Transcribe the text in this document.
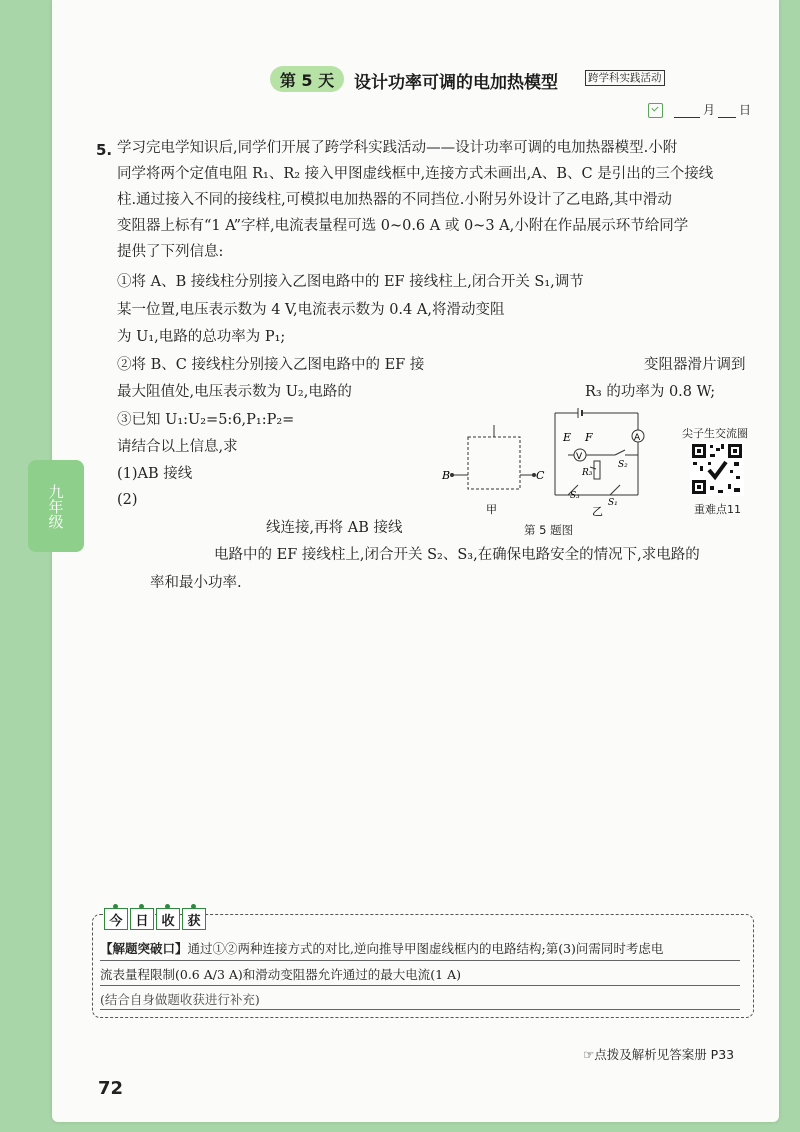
九年级
第 5 天	设计功率可调的电加热模型	跨学科实践活动
月 日
5. 学习完电学知识后,同学们开展了跨学科实践活动——设计功率可调的电加热器模型.小附
同学将两个定值电阻 R₁、R₂ 接入甲图虚线框中,连接方式未画出,A、B、C 是引出的三个接线
柱.通过接入不同的接线柱,可模拟电加热器的不同挡位.小附另外设计了乙电路,其中滑动
变阻器上标有“1 A”字样,电流表量程可选 0~0.6 A 或 0~3 A,小附在作品展示环节给同学
提供了下列信息:
①将 A、B 接线柱分别接入乙图电路中的 EF 接线柱上,闭合开关 S₁,调节
某一位置,电压表示数为 4 V,电流表示数为 0.4 A,将滑动变阻
为 U₁,电路的总功率为 P₁;
②将 B、C 接线柱分别接入乙图电路中的 EF 接	变阻器滑片调到
最大阻值处,电压表示数为 U₂,电路的	R₃ 的功率为 0.8 W;
③已知 U₁:U₂=5:6,P₁:P₂=
请结合以上信息,求
(1)AB 接线
(2)
线连接,再将 AB 接线
电路中的 EF 接线柱上,闭合开关 S₂、S₃,在确保电路安全的情况下,求电路的
率和最小功率.
B	C
甲
A
V
E F
R₃
S₂
S₃
S₁
乙
第 5 题图
尖子生交流圈
重难点11
今 日 收 获
【解题突破口】通过①②两种连接方式的对比,逆向推导甲图虚线框内的电路结构;第(3)问需同时考虑电
流表量程限制(0.6 A/3 A)和滑动变阻器允许通过的最大电流(1 A)
(结合自身做题收获进行补充)
☞点拨及解析见答案册 P33
72
